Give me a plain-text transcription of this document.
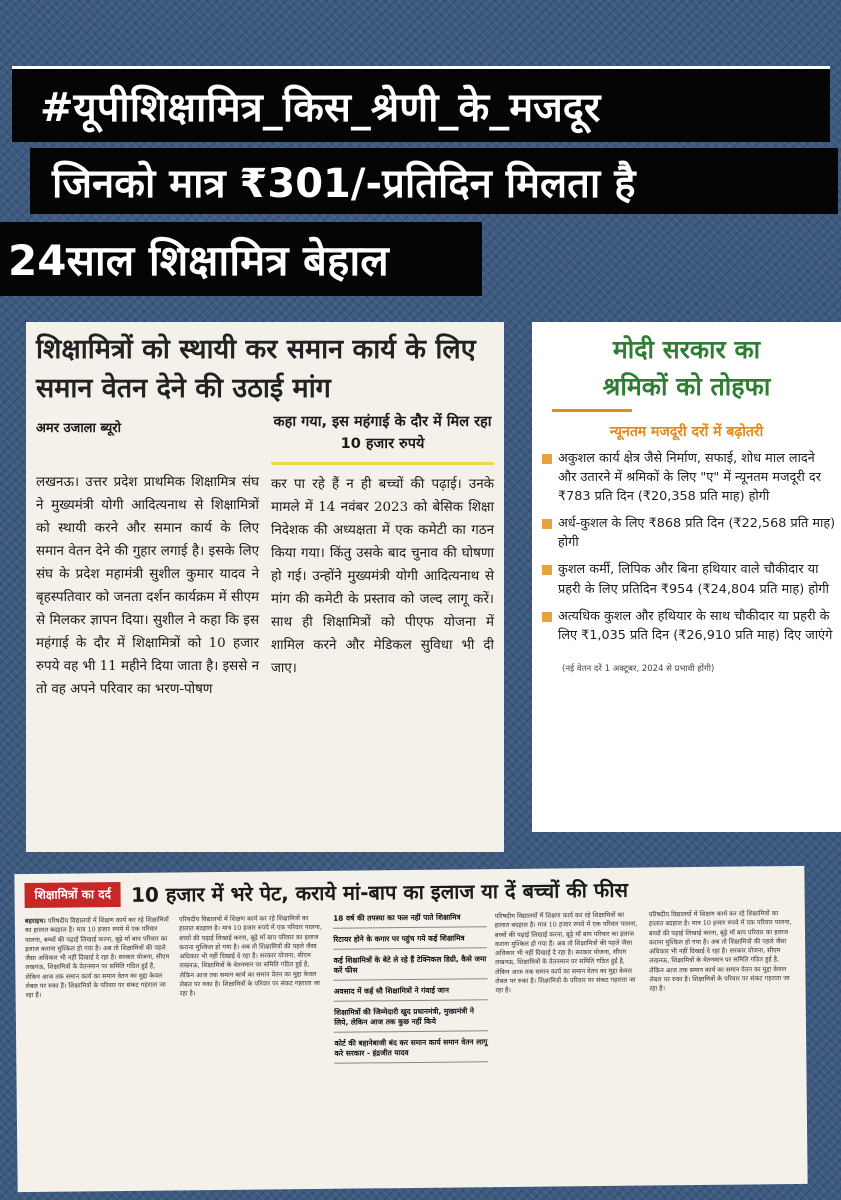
#यूपीशिक्षामित्र_किस_श्रेणी_के_मजदूर
जिनको मात्र ₹301/-प्रतिदिन मिलता है
24साल शिक्षामित्र बेहाल
शिक्षामित्रों को स्थायी कर समान कार्य के लिए समान वेतन देने की उठाई मांग
अमर उजाला ब्यूरो

लखनऊ। उत्तर प्रदेश प्राथमिक शिक्षामित्र संघ ने मुख्यमंत्री योगी आदित्यनाथ से शिक्षामित्रों को स्थायी करने और समान कार्य के लिए समान वेतन देने की गुहार लगाई है। इसके लिए संघ के प्रदेश महामंत्री सुशील कुमार यादव ने बृहस्पतिवार को जनता दर्शन कार्यक्रम में सीएम से मिलकर ज्ञापन दिया। सुशील ने कहा कि इस महंगाई के दौर में शिक्षामित्रों को 10 हजार रुपये वह भी 11 महीने दिया जाता है। इससे न तो वह अपने परिवार का भरण-पोषण

कहा गया, इस महंगाई के दौर में मिल रहा 10 हजार रुपये

कर पा रहे हैं न ही बच्चों की पढ़ाई। उनके मामले में 14 नवंबर 2023 को बेसिक शिक्षा निदेशक की अध्यक्षता में एक कमेटी का गठन किया गया। किंतु उसके बाद चुनाव की घोषणा हो गई। उन्होंने मुख्यमंत्री योगी आदित्यनाथ से मांग की कमेटी के प्रस्ताव को जल्द लागू करें। साथ ही शिक्षामित्रों को पीएफ योजना में शामिल करने और मेडिकल सुविधा भी दी जाए।

मोदी सरकार का
श्रमिकों को तोहफा
न्यूनतम मजदूरी दरों में बढ़ोतरी
अकुशल कार्य क्षेत्र जैसे निर्माण, सफाई, शोध माल लादने और उतारने में श्रमिकों के लिए "ए" में न्यूनतम मजदूरी दर ₹783 प्रति दिन (₹20,358 प्रति माह) होगी
अर्ध-कुशल के लिए ₹868 प्रति दिन (₹22,568 प्रति माह) होगी
कुशल कर्मी, लिपिक और बिना हथियार वाले चौकीदार या प्रहरी के लिए प्रतिदिन ₹954 (₹24,804 प्रति माह) होगी
अत्यधिक कुशल और हथियार के साथ चौकीदार या प्रहरी के लिए ₹1,035 प्रति दिन (₹26,910 प्रति माह) दिए जाएंगे
(नई वेतन दरें 1 अक्टूबर, 2024 से प्रभावी होंगी)
शिक्षामित्रों का दर्द 10 हजार में भरे पेट, कराये मां-बाप का इलाज या दें बच्चों की फीस
बहराइच। परिषदीय विद्यालयों में शिक्षण कार्य कर रहे शिक्षामित्रों का हालात बदहाल है। मात्र 10 हजार रुपये में एक परिवार पालना, बच्चों की पढ़ाई लिखाई करना, बूढ़े माँ बाप परिवार का इलाज कराना मुश्किल हो गया है। अब तो शिक्षामित्रों की पहले जैसा अधिकार भी नहीं दिखाई दे रहा है। सरकार योजना, सीएम लखनऊ, शिक्षामित्रों के वेतनमान पर समिति गठित हुई है, लेकिन आज तक समान कार्य का समान वेतन का मुद्दा केवल लेबल पर रुका है। शिक्षामित्रों के परिवार पर संकट गहराता जा रहा है।
परिषदीय विद्यालयों में शिक्षण कार्य कर रहे शिक्षामित्रों का हालात बदहाल है। मात्र 10 हजार रुपये में एक परिवार पालना, बच्चों की पढ़ाई लिखाई करना, बूढ़े माँ बाप परिवार का इलाज कराना मुश्किल हो गया है। अब तो शिक्षामित्रों की पहले जैसा अधिकार भी नहीं दिखाई दे रहा है। सरकार योजना, सीएम लखनऊ, शिक्षामित्रों के वेतनमान पर समिति गठित हुई है, लेकिन आज तक समान कार्य का समान वेतन का मुद्दा केवल लेबल पर रुका है। शिक्षामित्रों के परिवार पर संकट गहराता जा रहा है।
18 वर्ष की तपस्या का फल नहीं पाते शिक्षामित्र
रिटायर होने के कगार पर पहुंच गये कई शिक्षामित्र
कई शिक्षामित्रों के बेटे ले रहे हैं टेक्निकल डिग्री, कैसे जमा करें फीस
अवसाद में कई सौ शिक्षामित्रों ने गंवाई जान
शिक्षामित्रों की जिम्मेदारी खुद प्रधानमंत्री, मुख्यमंत्री ने लिये, लेकिन आज तक कुछ नहीं किये
कोर्ट की बहानेबाजी बंद कर समान कार्य समान वेतन लागू करे सरकार - इंद्रजीत यादव
परिषदीय विद्यालयों में शिक्षण कार्य कर रहे शिक्षामित्रों का हालात बदहाल है। मात्र 10 हजार रुपये में एक परिवार पालना, बच्चों की पढ़ाई लिखाई करना, बूढ़े माँ बाप परिवार का इलाज कराना मुश्किल हो गया है। अब तो शिक्षामित्रों की पहले जैसा अधिकार भी नहीं दिखाई दे रहा है। सरकार योजना, सीएम लखनऊ, शिक्षामित्रों के वेतनमान पर समिति गठित हुई है, लेकिन आज तक समान कार्य का समान वेतन का मुद्दा केवल लेबल पर रुका है। शिक्षामित्रों के परिवार पर संकट गहराता जा रहा है।
परिषदीय विद्यालयों में शिक्षण कार्य कर रहे शिक्षामित्रों का हालात बदहाल है। मात्र 10 हजार रुपये में एक परिवार पालना, बच्चों की पढ़ाई लिखाई करना, बूढ़े माँ बाप परिवार का इलाज कराना मुश्किल हो गया है। अब तो शिक्षामित्रों की पहले जैसा अधिकार भी नहीं दिखाई दे रहा है। सरकार योजना, सीएम लखनऊ, शिक्षामित्रों के वेतनमान पर समिति गठित हुई है, लेकिन आज तक समान कार्य का समान वेतन का मुद्दा केवल लेबल पर रुका है। शिक्षामित्रों के परिवार पर संकट गहराता जा रहा है।
